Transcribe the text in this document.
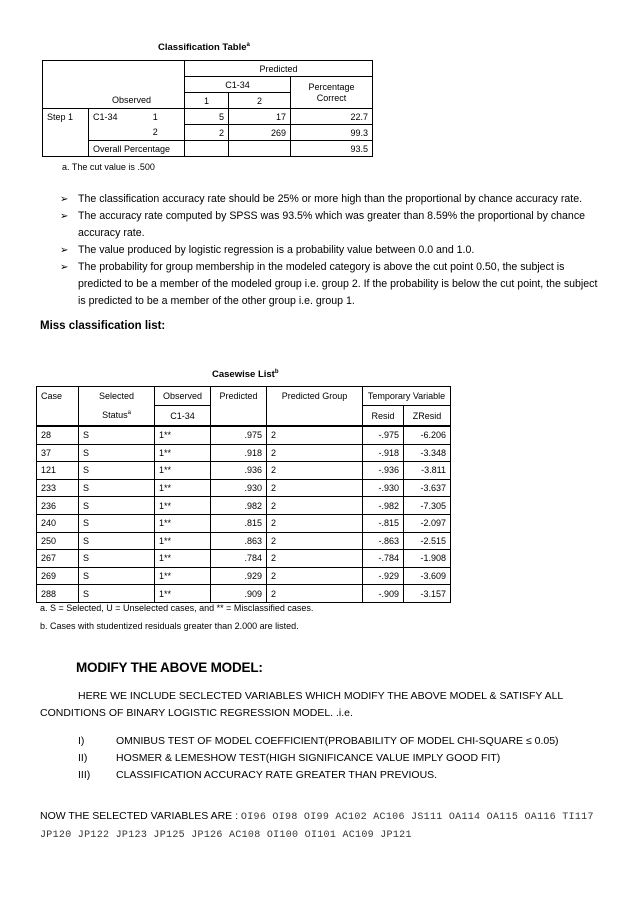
Classification Table$^a$
			Predicted		
			C1-34		Percentage
Correct
Observed			1	2	
Step 1	C1-34	1	5	17	22.7
		2	2	269	99.3
	Overall Percentage				93.5
a. The cut value is .500
➢ The classification accuracy rate should be 25% or more high than the proportional by chance accuracy rate.
➢ The accuracy rate computed by SPSS was 93.5% which was greater than 8.59% the proportional by chance accuracy rate.
➢ The value produced by logistic regression is a probability value between 0.0 and 1.0.
➢ The probability for group membership in the modeled category is above the cut point 0.50, the subject is predicted to be a member of the modeled group i.e. group 2. If the probability is below the cut point, the subject is predicted to be a member of the other group i.e. group 1.
Miss classification list:
Casewise List$^b$
Case	Selected	Observed	Predicted	Predicted Group	Temporary Variable	
	Status$^a$	C1-34			Resid	ZResid
28	S	1**	.975	2	-.975	-6.206
37	S	1**	.918	2	-.918	-3.348
121	S	1**	.936	2	-.936	-3.811
233	S	1**	.930	2	-.930	-3.637
236	S	1**	.982	2	-.982	-7.305
240	S	1**	.815	2	-.815	-2.097
250	S	1**	.863	2	-.863	-2.515
267	S	1**	.784	2	-.784	-1.908
269	S	1**	.929	2	-.929	-3.609
288	S	1**	.909	2	-.909	-3.157
a. S = Selected, U = Unselected cases, and ** = Misclassified cases.
b. Cases with studentized residuals greater than 2.000 are listed.
MODIFY THE ABOVE MODEL:
HERE WE INCLUDE SECLECTED VARIABLES WHICH MODIFY THE ABOVE MODEL & SATISFY ALL CONDITIONS OF BINARY LOGISTIC REGRESSION MODEL. .i.e.
I)	OMNIBUS TEST OF MODEL COEFFICIENT(PROBABILITY OF MODEL CHI-SQUARE ≤ 0.05)
II)	HOSMER & LEMESHOW TEST(HIGH SIGNIFICANCE VALUE IMPLY GOOD FIT)
III) CLASSIFICATION ACCURACY RATE GREATER THAN PREVIOUS.
NOW THE SELECTED VARIABLES ARE : OI96 OI98 OI99 AC102 AC106 JS111 OA114 OA115 OA116 TI117 JP120 JP122 JP123 JP125 JP126 AC108 OI100 OI101 AC109 JP121
